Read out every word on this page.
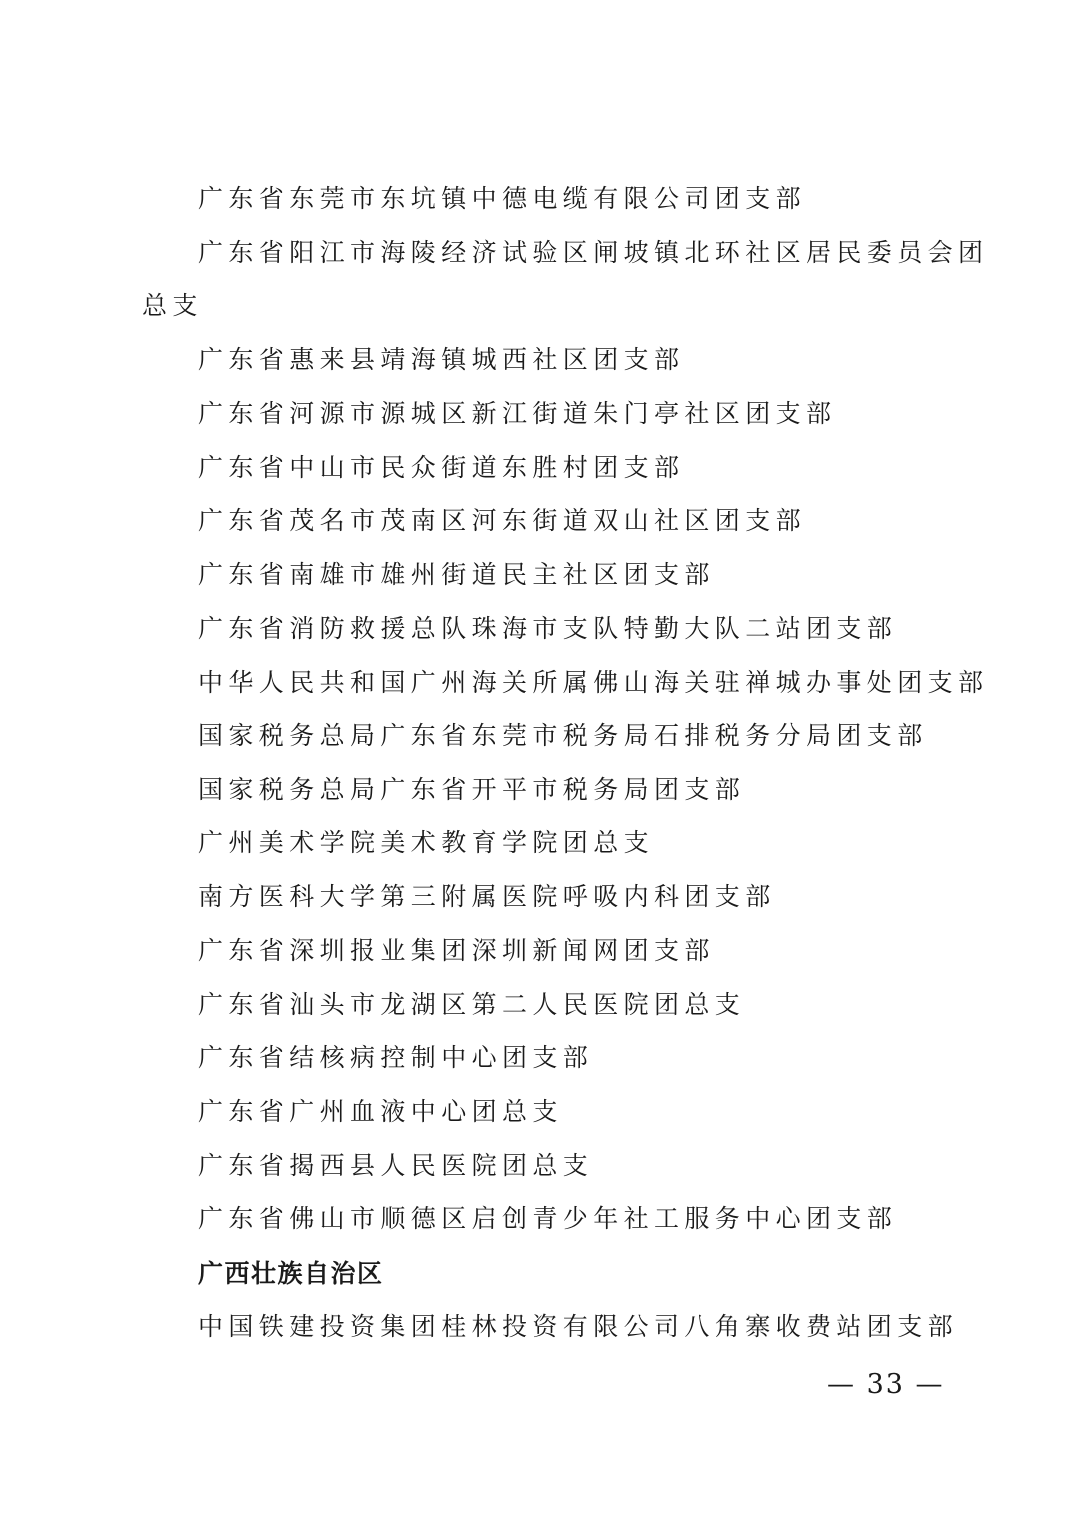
广东省东莞市东坑镇中德电缆有限公司团支部
广东省阳江市海陵经济试验区闸坡镇北环社区居民委员会团
总支
广东省惠来县靖海镇城西社区团支部
广东省河源市源城区新江街道朱门亭社区团支部
广东省中山市民众街道东胜村团支部
广东省茂名市茂南区河东街道双山社区团支部
广东省南雄市雄州街道民主社区团支部
广东省消防救援总队珠海市支队特勤大队二站团支部
中华人民共和国广州海关所属佛山海关驻禅城办事处团支部
国家税务总局广东省东莞市税务局石排税务分局团支部
国家税务总局广东省开平市税务局团支部
广州美术学院美术教育学院团总支
南方医科大学第三附属医院呼吸内科团支部
广东省深圳报业集团深圳新闻网团支部
广东省汕头市龙湖区第二人民医院团总支
广东省结核病控制中心团支部
广东省广州血液中心团总支
广东省揭西县人民医院团总支
广东省佛山市顺德区启创青少年社工服务中心团支部
广西壮族自治区
中国铁建投资集团桂林投资有限公司八角寨收费站团支部
— 33 —
